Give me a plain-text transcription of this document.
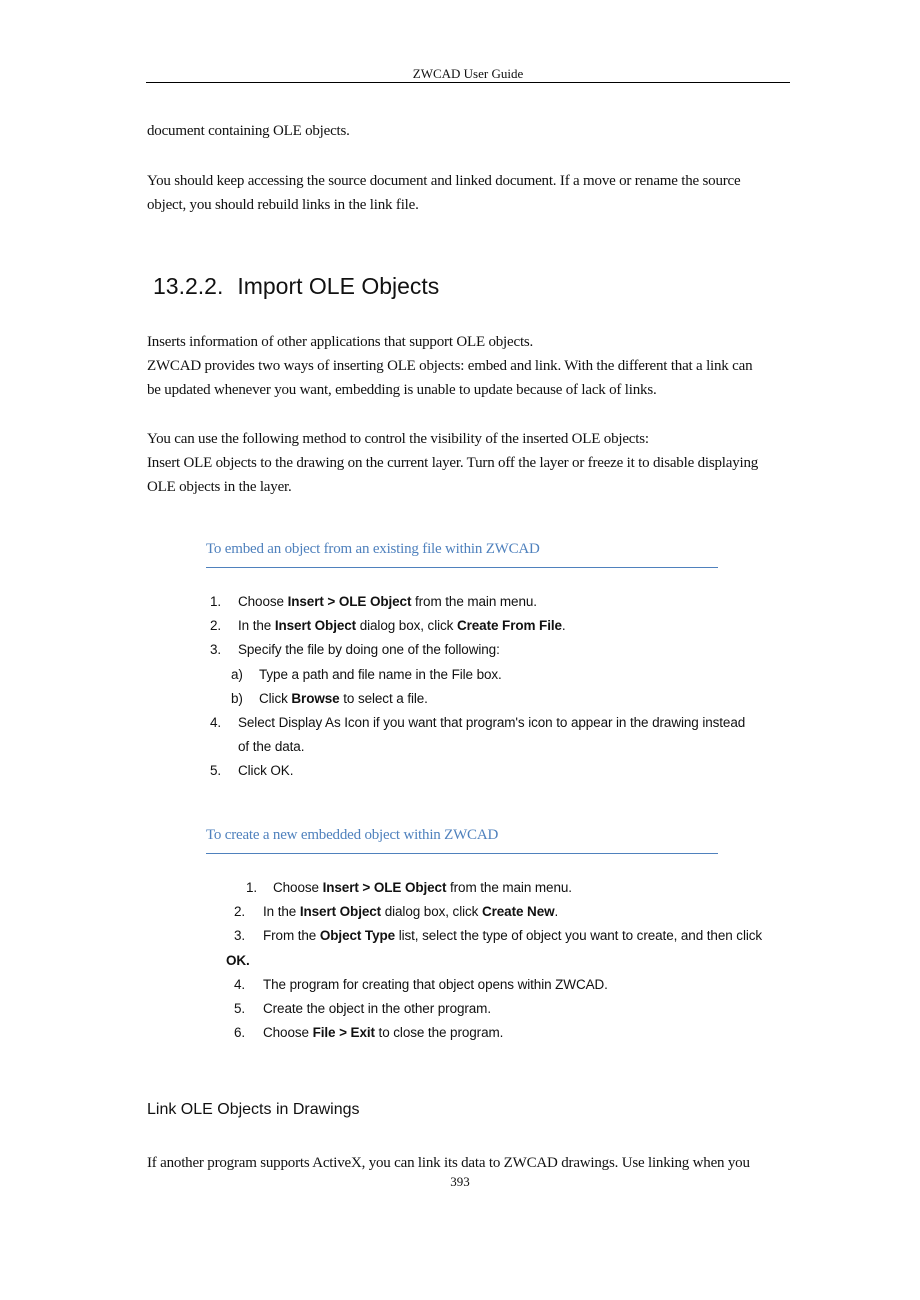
ZWCAD User Guide

document containing OLE objects.

You should keep accessing the source document and linked document. If a move or rename the source
object, you should rebuild links in the link file.

13.2.2. Import OLE Objects

Inserts information of other applications that support OLE objects.
ZWCAD provides two ways of inserting OLE objects: embed and link. With the different that a link can
be updated whenever you want, embedding is unable to update because of lack of links.

You can use the following method to control the visibility of the inserted OLE objects:
Insert OLE objects to the drawing on the current layer. Turn off the layer or freeze it to disable displaying
OLE objects in the layer.

To embed an object from an existing file within ZWCAD
1. Choose Insert > OLE Object from the main menu.
2. In the Insert Object dialog box, click Create From File.
3. Specify the file by doing one of the following:
a) Type a path and file name in the File box.
b) Click Browse to select a file.
4. Select Display As Icon if you want that program's icon to appear in the drawing instead
of the data.
5. Click OK.
To create a new embedded object within ZWCAD
1. Choose Insert > OLE Object from the main menu.
2. In the Insert Object dialog box, click Create New.
3. From the Object Type list, select the type of object you want to create, and then click
OK.
4. The program for creating that object opens within ZWCAD.
5. Create the object in the other program.
6. Choose File > Exit to close the program.
Link OLE Objects in Drawings

If another program supports ActiveX, you can link its data to ZWCAD drawings. Use linking when you

393
